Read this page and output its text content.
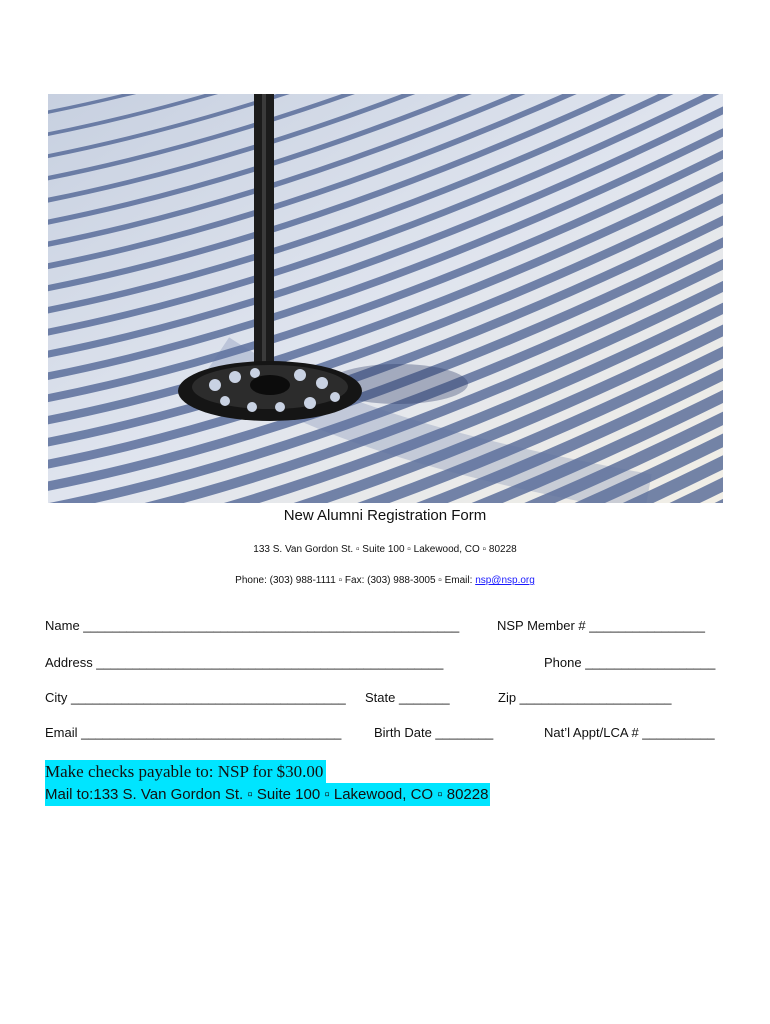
New Alumni Registration Form
133 S. Van Gordon St. ▫ Suite 100 ▫ Lakewood, CO ▫ 80228
Phone: (303) 988-1111 ▫ Fax: (303) 988-3005 ▫ Email: nsp@nsp.org
Name ____________________________________________________	NSP Member # ________________
Address ________________________________________________	Phone __________________
City ______________________________________ State _______	Zip _____________________
Email ____________________________________	Birth Date ________	Nat’l Appt/LCA # __________
Make checks payable to: NSP for $30.00
Mail to:133 S. Van Gordon St. ▫ Suite 100 ▫ Lakewood, CO ▫ 80228
